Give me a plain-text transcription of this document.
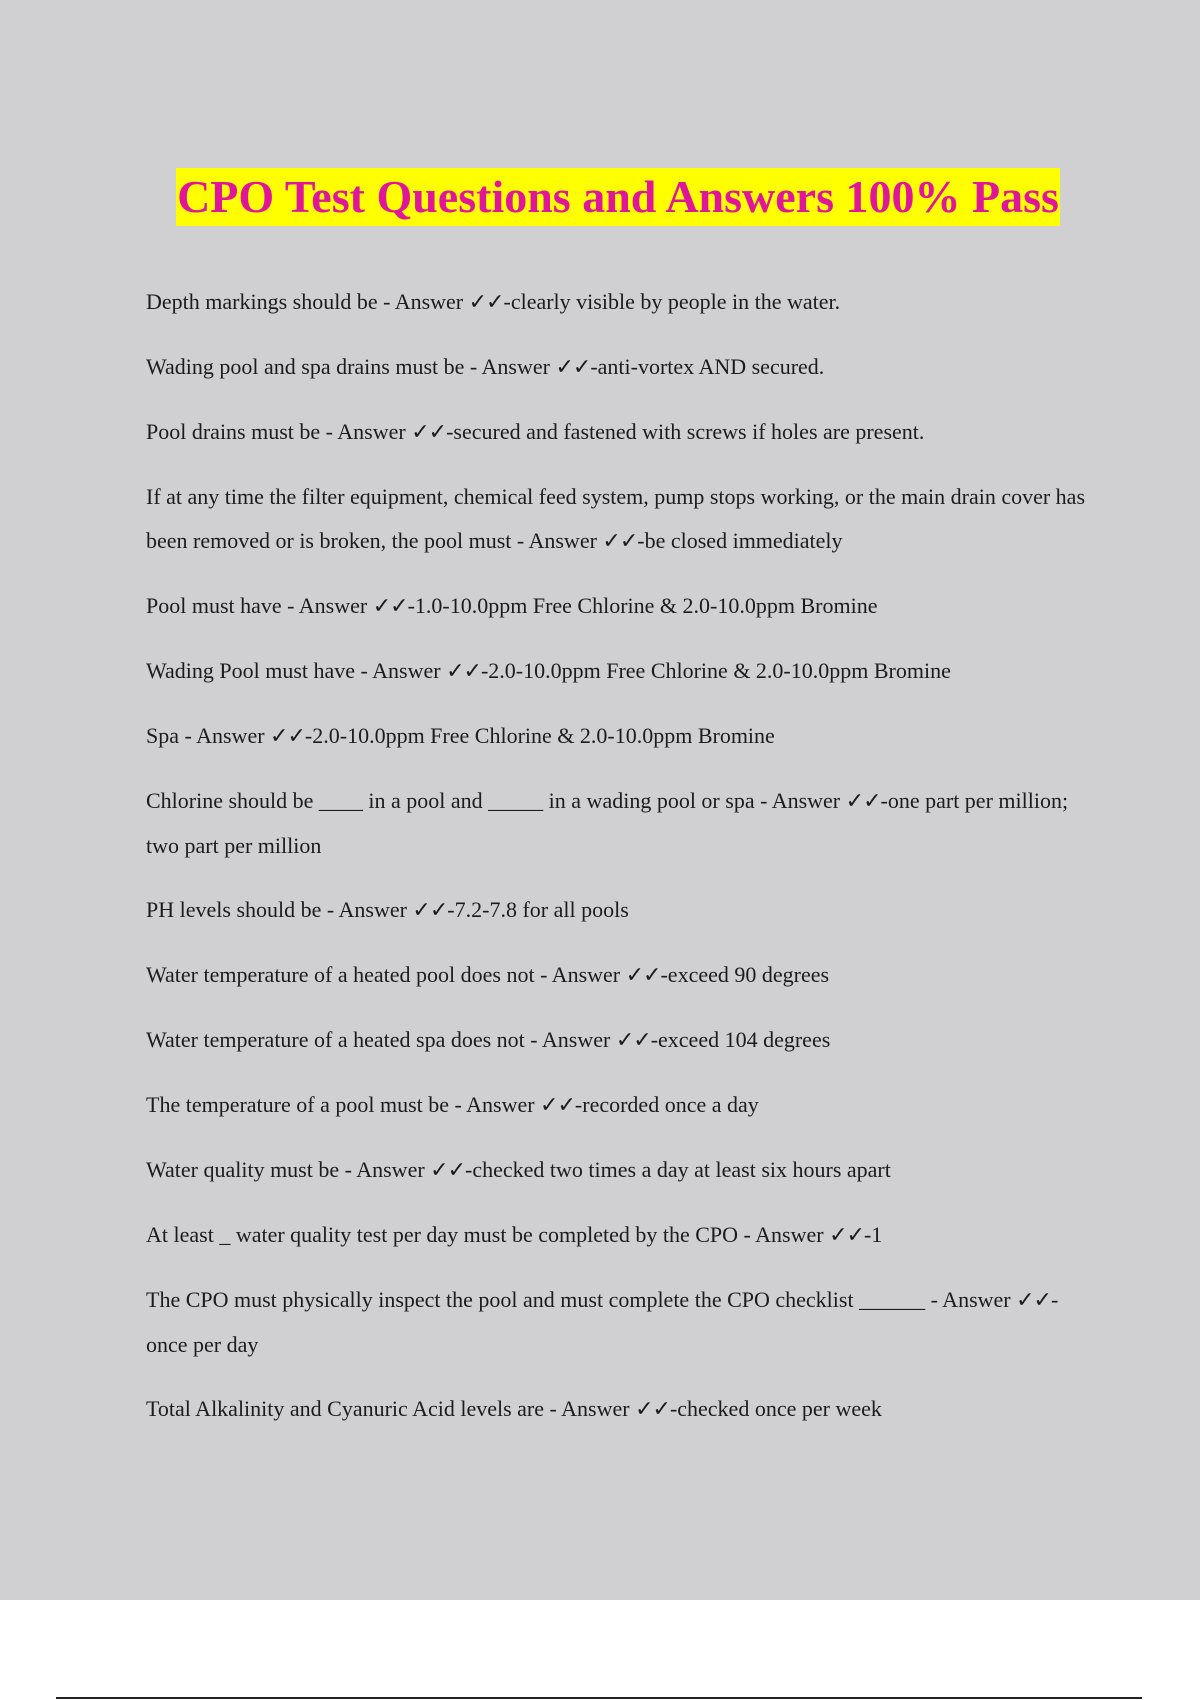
CPO Test Questions and Answers 100% Pass
Depth markings should be - Answer ✓✓-clearly visible by people in the water.
Wading pool and spa drains must be - Answer ✓✓-anti-vortex AND secured.
Pool drains must be - Answer ✓✓-secured and fastened with screws if holes are present.
If at any time the filter equipment, chemical feed system, pump stops working, or the main drain cover has been removed or is broken, the pool must - Answer ✓✓-be closed immediately
Pool must have - Answer ✓✓-1.0-10.0ppm Free Chlorine & 2.0-10.0ppm Bromine
Wading Pool must have - Answer ✓✓-2.0-10.0ppm Free Chlorine & 2.0-10.0ppm Bromine
Spa - Answer ✓✓-2.0-10.0ppm Free Chlorine & 2.0-10.0ppm Bromine
Chlorine should be ____ in a pool and _____ in a wading pool or spa - Answer ✓✓-one part per million; two part per million
PH levels should be - Answer ✓✓-7.2-7.8 for all pools
Water temperature of a heated pool does not - Answer ✓✓-exceed 90 degrees
Water temperature of a heated spa does not - Answer ✓✓-exceed 104 degrees
The temperature of a pool must be - Answer ✓✓-recorded once a day
Water quality must be - Answer ✓✓-checked two times a day at least six hours apart
At least _ water quality test per day must be completed by the CPO - Answer ✓✓-1
The CPO must physically inspect the pool and must complete the CPO checklist ______ - Answer ✓✓-once per day
Total Alkalinity and Cyanuric Acid levels are - Answer ✓✓-checked once per week
